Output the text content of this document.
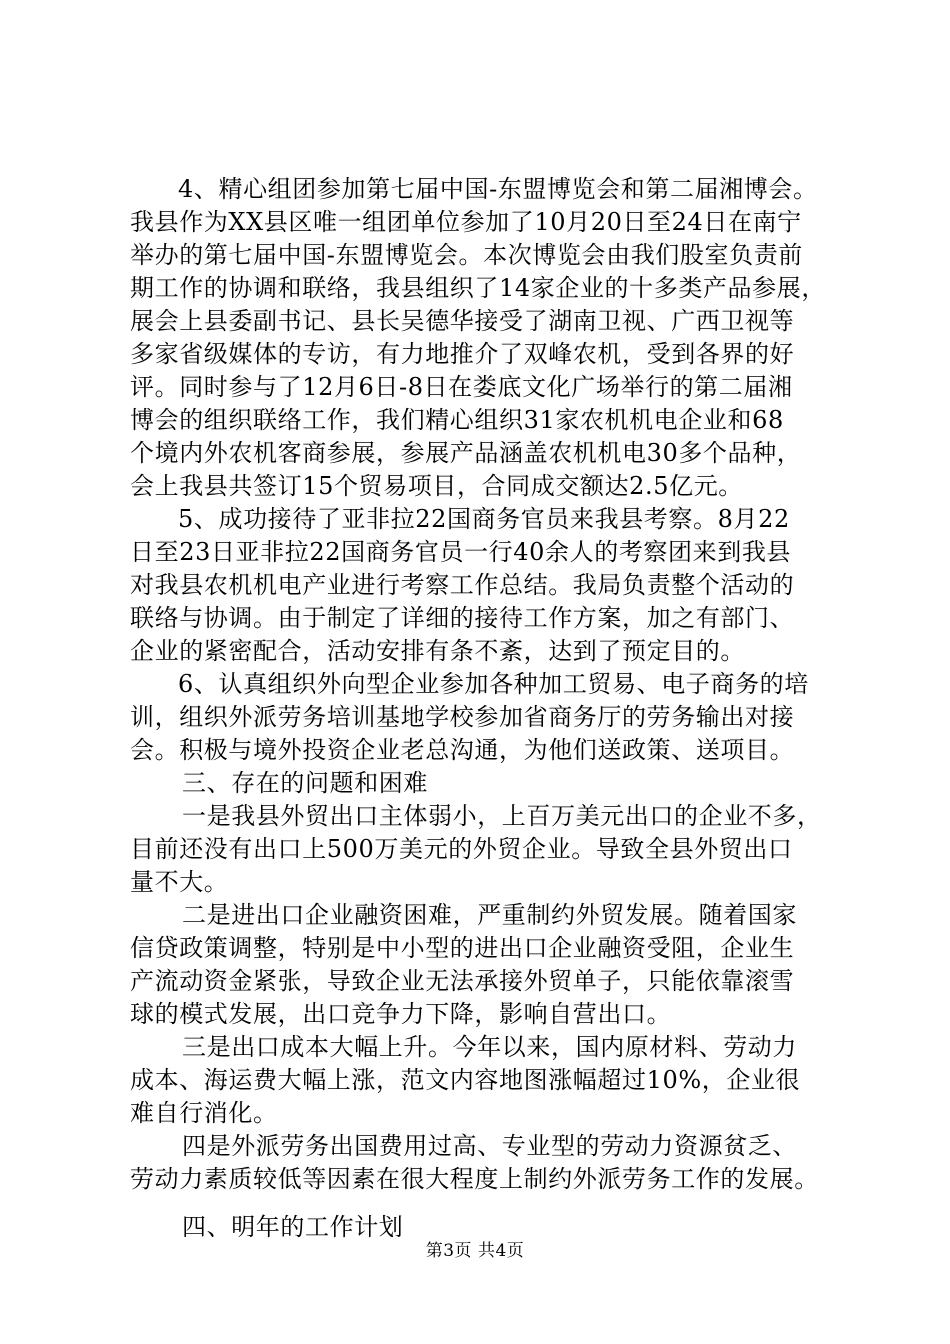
4、精心组团参加第七届中国-东盟博览会和第二届湘博会。
我县作为XX县区唯一组团单位参加了10月20日至24日在南宁
举办的第七届中国-东盟博览会。本次博览会由我们股室负责前
期工作的协调和联络，我县组织了14家企业的十多类产品参展，
展会上县委副书记、县长吴德华接受了湖南卫视、广西卫视等
多家省级媒体的专访，有力地推介了双峰农机，受到各界的好
评。同时参与了12月6日-8日在娄底文化广场举行的第二届湘
博会的组织联络工作，我们精心组织31家农机机电企业和68
个境内外农机客商参展，参展产品涵盖农机机电30多个品种，
会上我县共签订15个贸易项目，合同成交额达2.5亿元。
5、成功接待了亚非拉22国商务官员来我县考察。8月22
日至23日亚非拉22国商务官员一行40余人的考察团来到我县
对我县农机机电产业进行考察工作总结。我局负责整个活动的
联络与协调。由于制定了详细的接待工作方案，加之有部门、
企业的紧密配合，活动安排有条不紊，达到了预定目的。
6、认真组织外向型企业参加各种加工贸易、电子商务的培
训，组织外派劳务培训基地学校参加省商务厅的劳务输出对接
会。积极与境外投资企业老总沟通，为他们送政策、送项目。
三、存在的问题和困难
一是我县外贸出口主体弱小，上百万美元出口的企业不多，
目前还没有出口上500万美元的外贸企业。导致全县外贸出口
量不大。
二是进出口企业融资困难，严重制约外贸发展。随着国家
信贷政策调整，特别是中小型的进出口企业融资受阻，企业生
产流动资金紧张，导致企业无法承接外贸单子，只能依靠滚雪
球的模式发展，出口竞争力下降，影响自营出口。
三是出口成本大幅上升。今年以来，国内原材料、劳动力
成本、海运费大幅上涨，范文内容地图涨幅超过10%，企业很
难自行消化。
四是外派劳务出国费用过高、专业型的劳动力资源贫乏、
劳动力素质较低等因素在很大程度上制约外派劳务工作的发展。
四、明年的工作计划
第3页 共4页
